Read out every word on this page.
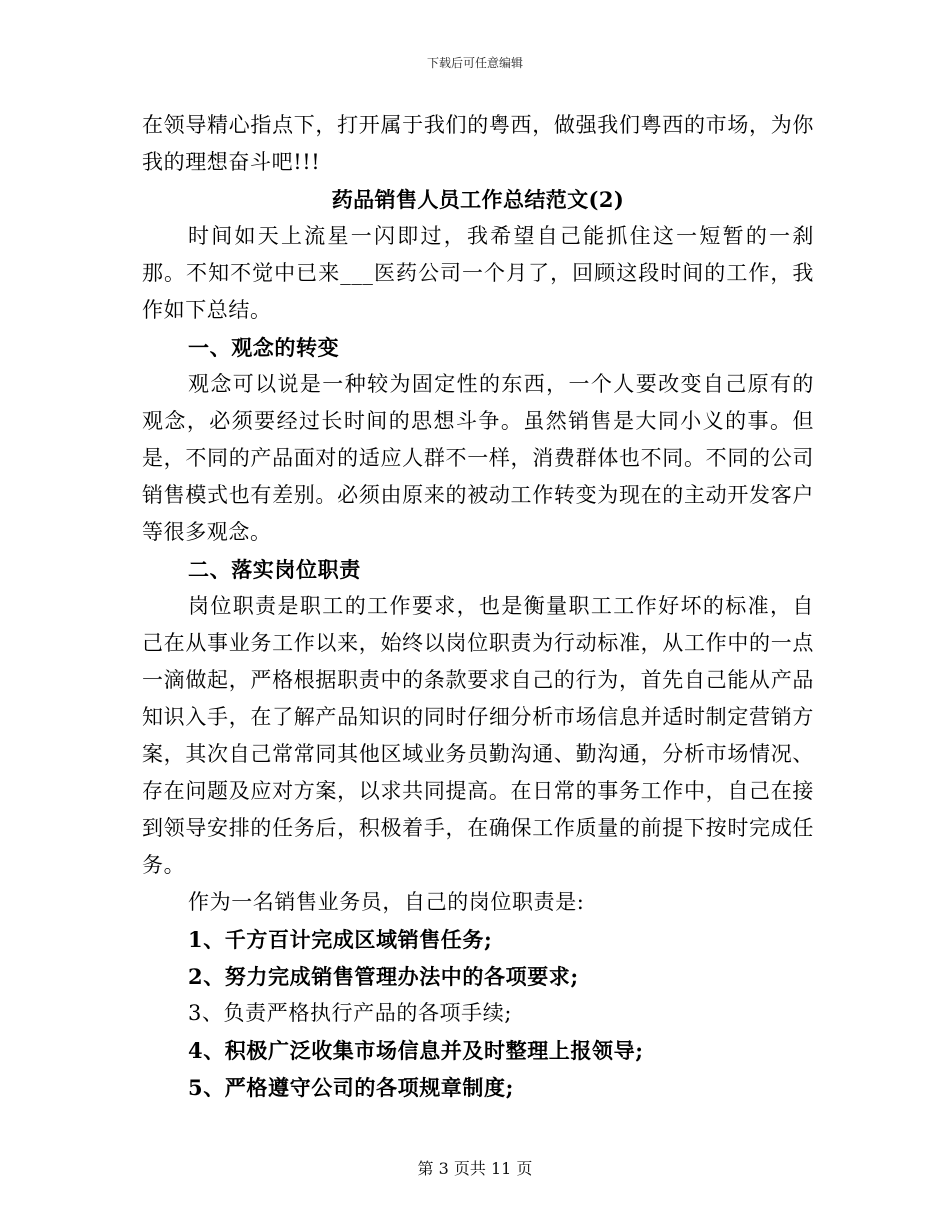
下载后可任意编辑

在领导精心指点下，打开属于我们的粤西，做强我们粤西的市场，为你我的理想奋斗吧!!!

药品销售人员工作总结范文(2)

时间如天上流星一闪即过，我希望自己能抓住这一短暂的一刹那。不知不觉中已来___医药公司一个月了，回顾这段时间的工作，我作如下总结。

一、观念的转变

观念可以说是一种较为固定性的东西，一个人要改变自己原有的观念，必须要经过长时间的思想斗争。虽然销售是大同小义的事。但是，不同的产品面对的适应人群不一样，消费群体也不同。不同的公司销售模式也有差别。必须由原来的被动工作转变为现在的主动开发客户等很多观念。

二、落实岗位职责

岗位职责是职工的工作要求，也是衡量职工工作好坏的标准，自己在从事业务工作以来，始终以岗位职责为行动标准，从工作中的一点一滴做起，严格根据职责中的条款要求自己的行为，首先自己能从产品知识入手，在了解产品知识的同时仔细分析市场信息并适时制定营销方案，其次自己常常同其他区域业务员勤沟通、勤沟通，分析市场情况、存在问题及应对方案，以求共同提高。在日常的事务工作中，自己在接到领导安排的任务后，积极着手，在确保工作质量的前提下按时完成任务。

作为一名销售业务员，自己的岗位职责是:

1、千方百计完成区域销售任务;

2、努力完成销售管理办法中的各项要求;

3、负责严格执行产品的各项手续;

4、积极广泛收集市场信息并及时整理上报领导;

5、严格遵守公司的各项规章制度;

第 3 页共 11 页
